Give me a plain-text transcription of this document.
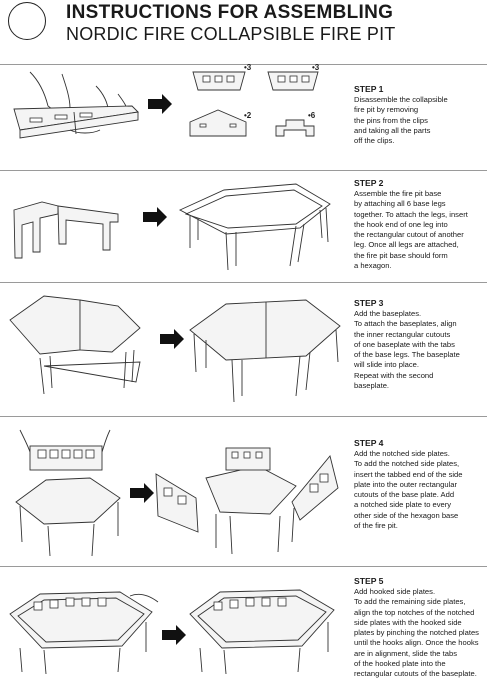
INSTRUCTIONS FOR ASSEMBLING
NORDIC FIRE COLLAPSIBLE FIRE PIT
•3	•3
•2	•6
STEP 1
Disassemble the collapsible
fire pit by removing
the pins from the clips
and taking all the parts
off the clips.
STEP 2
Assemble the fire pit base
by attaching all 6 base legs
together. To attach the legs, insert
the hook end of one leg into
the rectangular cutout of another
leg. Once all legs are attached,
the fire pit base should form
a hexagon.
STEP 3
Add the baseplates.
To attach the baseplates, align
the inner rectangular cutouts
of one baseplate with the tabs
of the base legs. The baseplate
will slide into place.
Repeat with the second
baseplate.
STEP 4
Add the notched side plates.
To add the notched side plates,
insert the tabbed end of the side
plate into the outer rectangular
cutouts of the base plate. Add
a notched side plate to every
other side of the hexagon base
of the fire pit.
STEP 5
Add hooked side plates.
To add the remaining side plates,
align the top notches of the notched
side plates with the hooked side
plates by pinching the notched plates
until the hooks align. Once the hooks
are in alignment, slide the tabs
of the hooked plate into the
rectangular cutouts of the baseplate.
